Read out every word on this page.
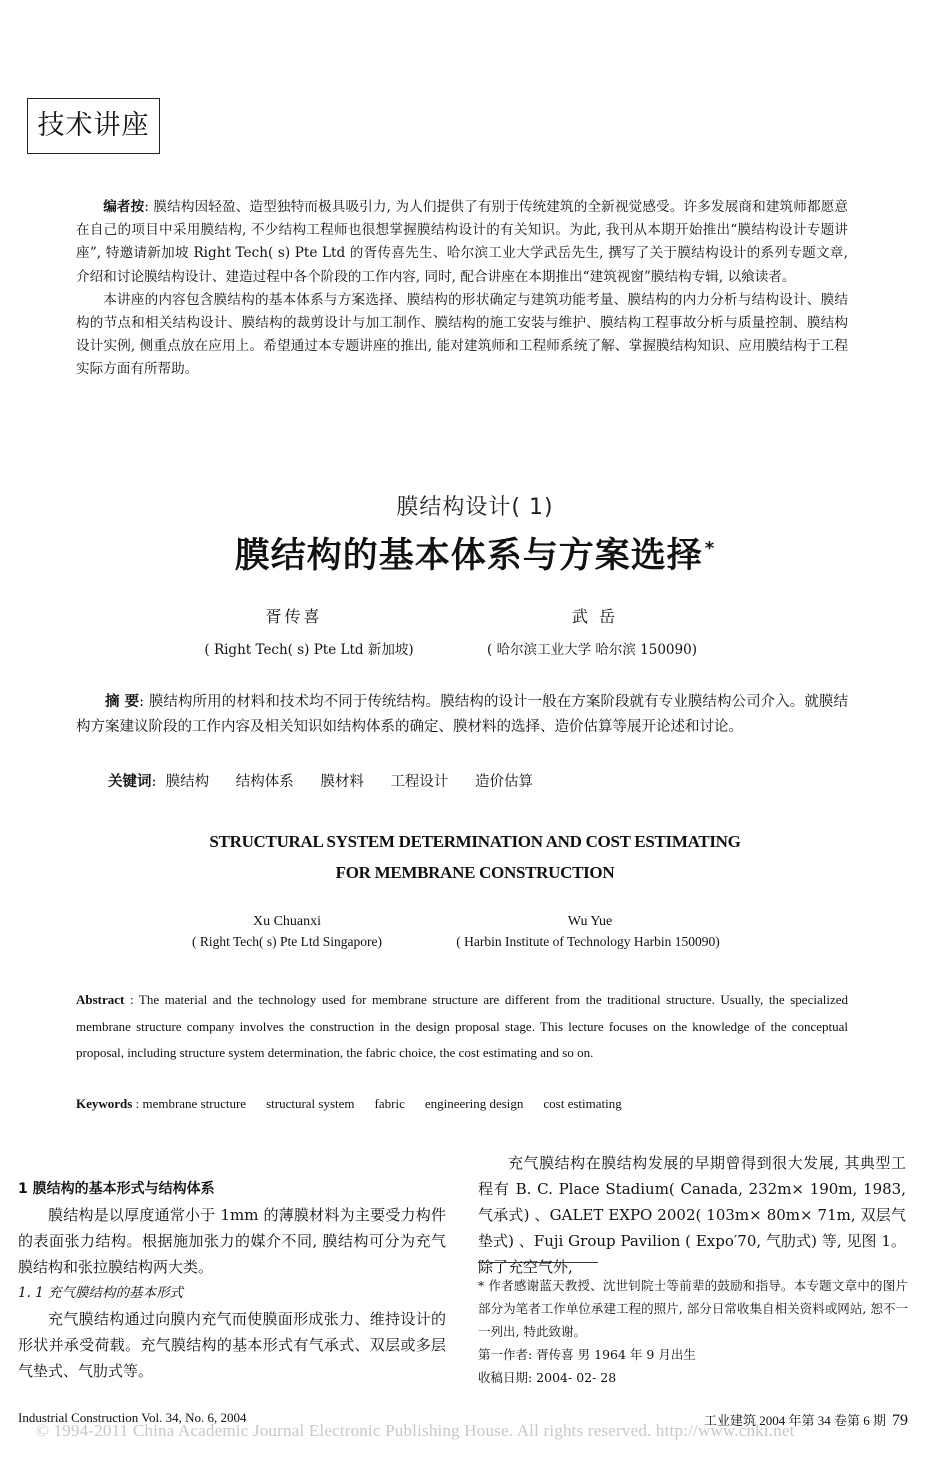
技术讲座

编者按: 膜结构因轻盈、造型独特而极具吸引力, 为人们提供了有别于传统建筑的全新视觉感受。许多发展商和建筑师都愿意在自己的项目中采用膜结构, 不少结构工程师也很想掌握膜结构设计的有关知识。为此, 我刊从本期开始推出“膜结构设计专题讲座”, 特邀请新加坡 Right Tech( s) Pte Ltd 的胥传喜先生、哈尔滨工业大学武岳先生, 撰写了关于膜结构设计的系列专题文章, 介绍和讨论膜结构设计、建造过程中各个阶段的工作内容, 同时, 配合讲座在本期推出“建筑视窗”膜结构专辑, 以飨读者。

本讲座的内容包含膜结构的基本体系与方案选择、膜结构的形状确定与建筑功能考量、膜结构的内力分析与结构设计、膜结构的节点和相关结构设计、膜结构的裁剪设计与加工制作、膜结构的施工安装与维护、膜结构工程事故分析与质量控制、膜结构设计实例, 侧重点放在应用上。希望通过本专题讲座的推出, 能对建筑师和工程师系统了解、掌握膜结构知识、应用膜结构于工程实际方面有所帮助。

膜结构设计( 1)
膜结构的基本体系与方案选择 *
胥传喜	武 岳
( Right Tech( s) Pte Ltd 新加坡)	( 哈尔滨工业大学 哈尔滨 150090)

摘 要: 膜结构所用的材料和技术均不同于传统结构。膜结构的设计一般在方案阶段就有专业膜结构公司介入。就膜结构方案建议阶段的工作内容及相关知识如结构体系的确定、膜材料的选择、造价估算等展开论述和讨论。

关键词:  膜结构 结构体系 膜材料 工程设计 造价估算
STRUCTURAL SYSTEM DETERMINATION AND COST ESTIMATING
FOR MEMBRANE CONSTRUCTION
Xu Chuanxi	Wu Yue
( Right Tech( s) Pte Ltd Singapore)	( Harbin Institute of Technology Harbin 150090)
Abstract : The material and the technology used for membrane structure are different from the traditional structure. Usually, the specialized membrane structure company involves the construction in the design proposal stage. This lecture focuses on the knowledge of the conceptual proposal, including structure system determination, the fabric choice, the cost estimating and so on.
Keywords : membrane structure structural system fabric engineering design cost estimating
1 膜结构的基本形式与结构体系

膜结构是以厚度通常小于 1mm 的薄膜材料为主要受力构件的表面张力结构。根据施加张力的媒介不同, 膜结构可分为充气膜结构和张拉膜结构两大类。

1. 1 充气膜结构的基本形式

充气膜结构通过向膜内充气而使膜面形成张力、维持设计的形状并承受荷载。充气膜结构的基本形式有气承式、双层或多层气垫式、气肋式等。

充气膜结构在膜结构发展的早期曾得到很大发展, 其典型工程有 B. C. Place Stadium( Canada, 232m× 190m, 1983, 气承式) 、GALET EXPO 2002( 103m× 80m× 71m, 双层气垫式) 、Fuji Group Pavilion ( Expo′70, 气肋式) 等, 见图 1。除了充空气外,

* 作者感谢蓝天教授、沈世钊院士等前辈的鼓励和指导。本专题文章中的图片部分为笔者工作单位承建工程的照片, 部分日常收集自相关资料或网站, 恕不一一列出, 特此致谢。

第一作者: 胥传喜 男 1964 年 9 月出生

收稿日期: 2004- 02- 28

Industrial Construction Vol. 34, No. 6, 2004	工业建筑 2004 年第 34 卷第 6 期 79
© 1994-2011 China Academic Journal Electronic Publishing House. All rights reserved. http://www.cnki.net
